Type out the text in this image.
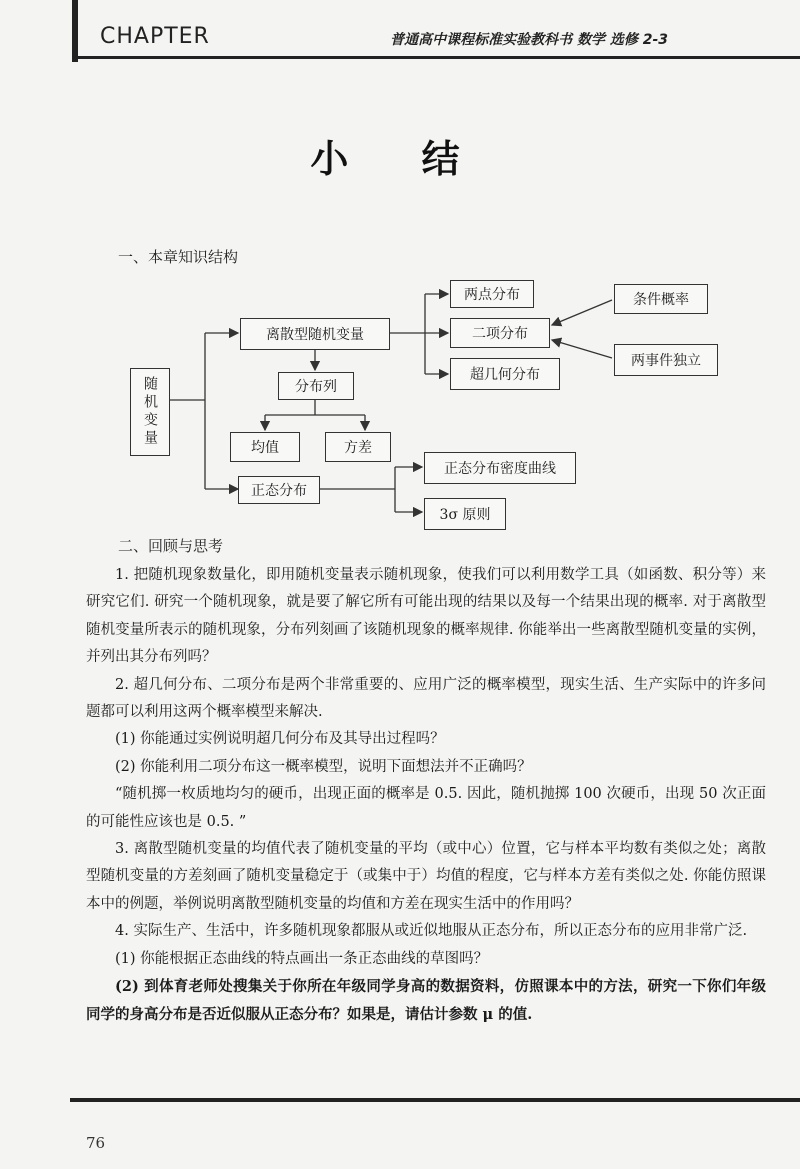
CHAPTER	普通高中课程标准实验教科书 数学 选修 2-3
小 结
一、本章知识结构
随机变量
离散型随机变量
两点分布
二项分布
超几何分布
条件概率
两事件独立
分布列
均值	方差
正态分布
正态分布密度曲线
3σ 原则
二、回顾与思考

1. 把随机现象数量化，即用随机变量表示随机现象，使我们可以利用数学工具（如函数、积分等）来研究它们. 研究一个随机现象，就是要了解它所有可能出现的结果以及每一个结果出现的概率. 对于离散型随机变量所表示的随机现象，分布列刻画了该随机现象的概率规律. 你能举出一些离散型随机变量的实例，并列出其分布列吗？

2. 超几何分布、二项分布是两个非常重要的、应用广泛的概率模型，现实生活、生产实际中的许多问题都可以利用这两个概率模型来解决.

(1) 你能通过实例说明超几何分布及其导出过程吗？

(2) 你能利用二项分布这一概率模型，说明下面想法并不正确吗？

“随机掷一枚质地均匀的硬币，出现正面的概率是 0.5. 因此，随机抛掷 100 次硬币，出现 50 次正面的可能性应该也是 0.5. ”

3. 离散型随机变量的均值代表了随机变量的平均（或中心）位置，它与样本平均数有类似之处；离散型随机变量的方差刻画了随机变量稳定于（或集中于）均值的程度，它与样本方差有类似之处. 你能仿照课本中的例题，举例说明离散型随机变量的均值和方差在现实生活中的作用吗？

4. 实际生产、生活中，许多随机现象都服从或近似地服从正态分布，所以正态分布的应用非常广泛.

(1) 你能根据正态曲线的特点画出一条正态曲线的草图吗？

(2) 到体育老师处搜集关于你所在年级同学身高的数据资料，仿照课本中的方法，研究一下你们年级同学的身高分布是否近似服从正态分布？如果是，请估计参数 μ 的值.

76
